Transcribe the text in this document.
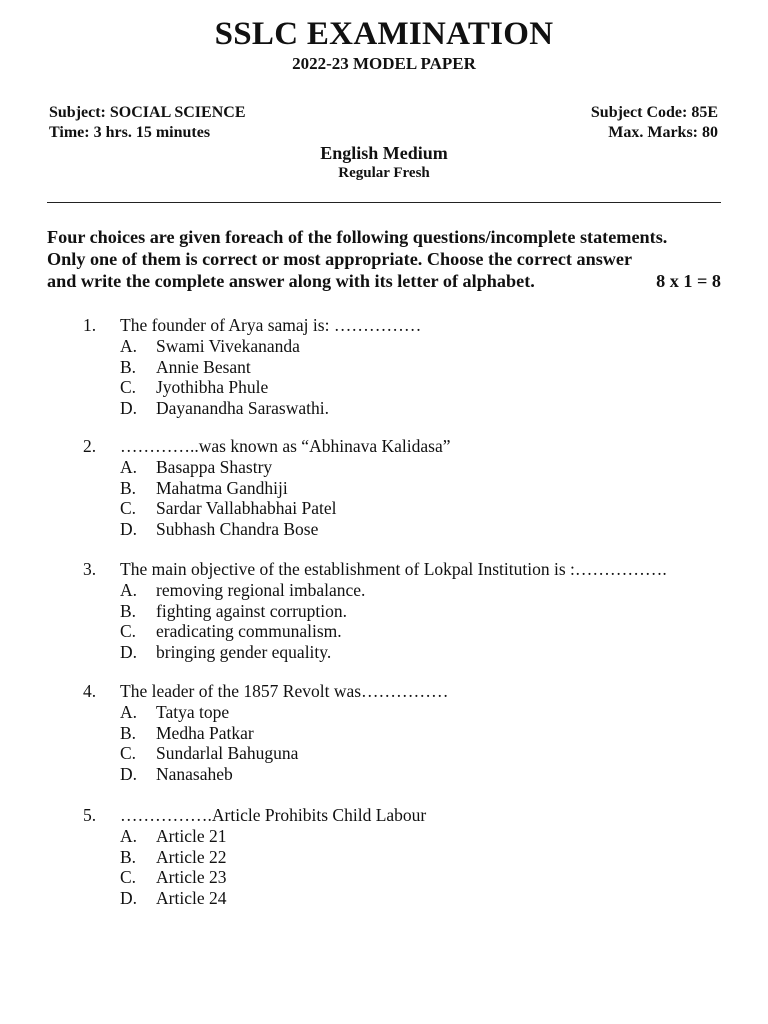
SSLC EXAMINATION
2022-23 MODEL PAPER
Subject: SOCIAL SCIENCE
Time: 3 hrs. 15 minutes
Subject Code: 85E
Max. Marks: 80
English Medium
Regular Fresh
Four choices are given foreach of the following questions/incomplete statements.
Only one of them is correct or most appropriate. Choose the correct answer
and write the complete answer along with its letter of alphabet.	8 x 1 = 8
1. The founder of Arya samaj is: ……………
A. Swami Vivekananda
B. Annie Besant
C. Jyothibha Phule
D. Dayanandha Saraswathi.
2. …………..was known as “Abhinava Kalidasa”
A. Basappa Shastry
B. Mahatma Gandhiji
C. Sardar Vallabhabhai Patel
D. Subhash Chandra Bose
3. The main objective of the establishment of Lokpal Institution is :…………….
A. removing regional imbalance.
B. fighting against corruption.
C. eradicating communalism.
D. bringing gender equality.
4. The leader of the 1857 Revolt was……………
A. Tatya tope
B. Medha Patkar
C. Sundarlal Bahuguna
D. Nanasaheb
5. …………….Article Prohibits Child Labour
A. Article 21
B. Article 22
C. Article 23
D. Article 24
